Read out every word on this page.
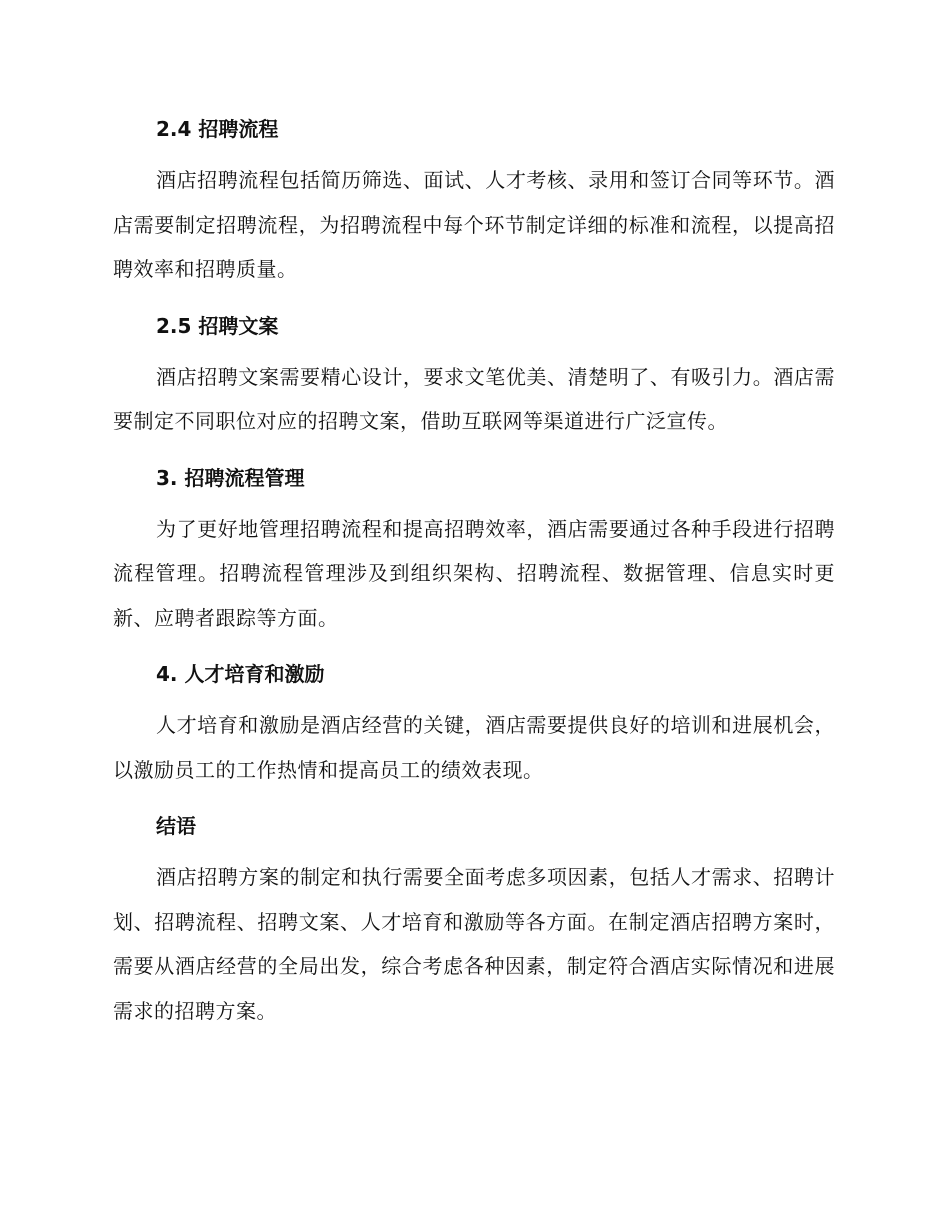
2.4 招聘流程

酒店招聘流程包括简历筛选、面试、人才考核、录用和签订合同等环节。酒店需要制定招聘流程，为招聘流程中每个环节制定详细的标准和流程，以提高招聘效率和招聘质量。

2.5 招聘文案

酒店招聘文案需要精心设计，要求文笔优美、清楚明了、有吸引力。酒店需要制定不同职位对应的招聘文案，借助互联网等渠道进行广泛宣传。

3. 招聘流程管理

为了更好地管理招聘流程和提高招聘效率，酒店需要通过各种手段进行招聘流程管理。招聘流程管理涉及到组织架构、招聘流程、数据管理、信息实时更新、应聘者跟踪等方面。

4. 人才培育和激励

人才培育和激励是酒店经营的关键，酒店需要提供良好的培训和进展机会，以激励员工的工作热情和提高员工的绩效表现。

结语

酒店招聘方案的制定和执行需要全面考虑多项因素，包括人才需求、招聘计划、招聘流程、招聘文案、人才培育和激励等各方面。在制定酒店招聘方案时，需要从酒店经营的全局出发，综合考虑各种因素，制定符合酒店实际情况和进展需求的招聘方案。
